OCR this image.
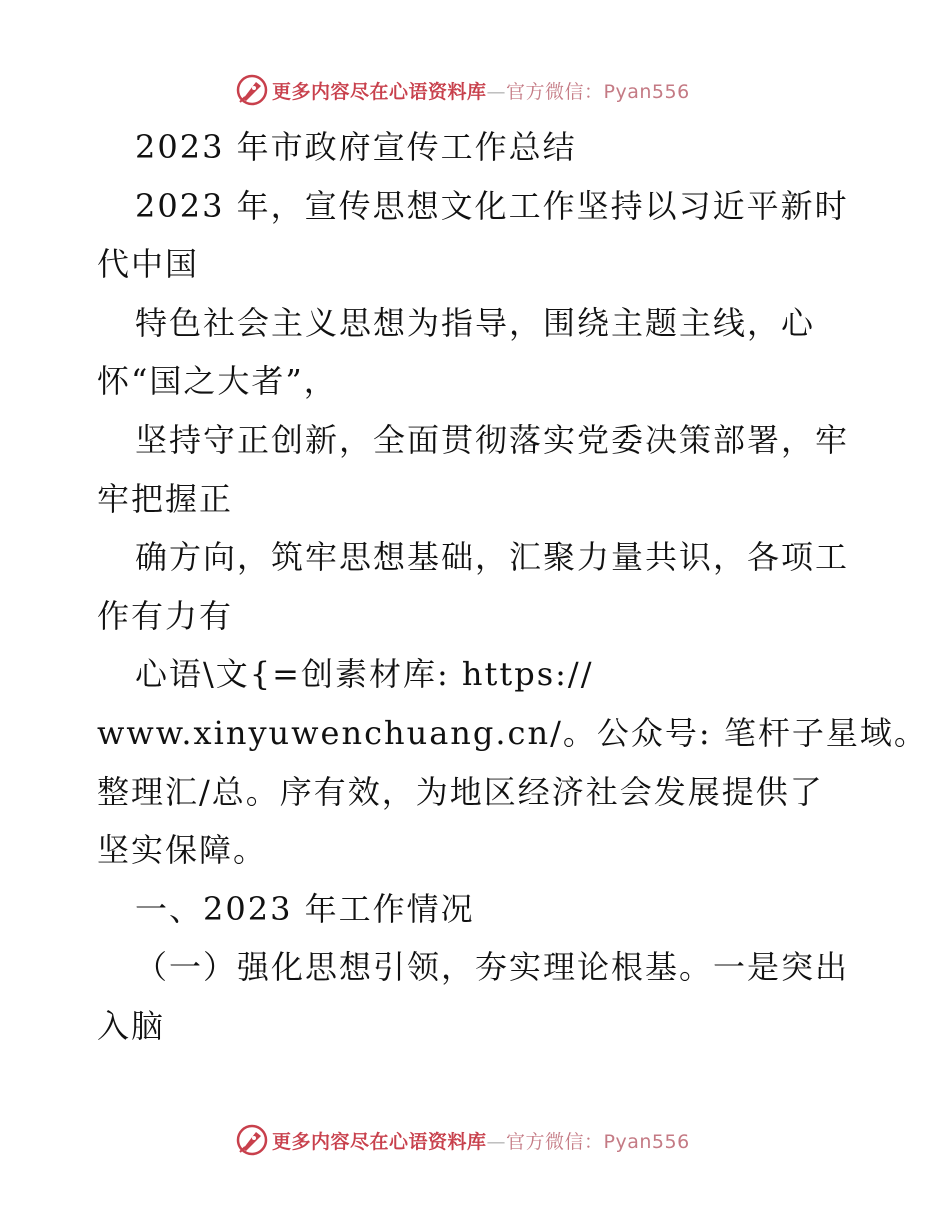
更多内容尽在心语资料库—官方微信：Pyan556
2023 年市政府宣传工作总结
2023 年，宣传思想文化工作坚持以习近平新时
代中国
特色社会主义思想为指导，围绕主题主线，心
怀“国之大者”，
坚持守正创新，全面贯彻落实党委决策部署，牢
牢把握正
确方向，筑牢思想基础，汇聚力量共识，各项工
作有力有
心语\文{=创素材库: https://
www.xinyuwenchuang.cn/。公众号: 笔杆子星域。
整理汇/总。序有效，为地区经济社会发展提供了
坚实保障。
一、2023 年工作情况
（一）强化思想引领，夯实理论根基。一是突出
入脑
更多内容尽在心语资料库—官方微信：Pyan556
